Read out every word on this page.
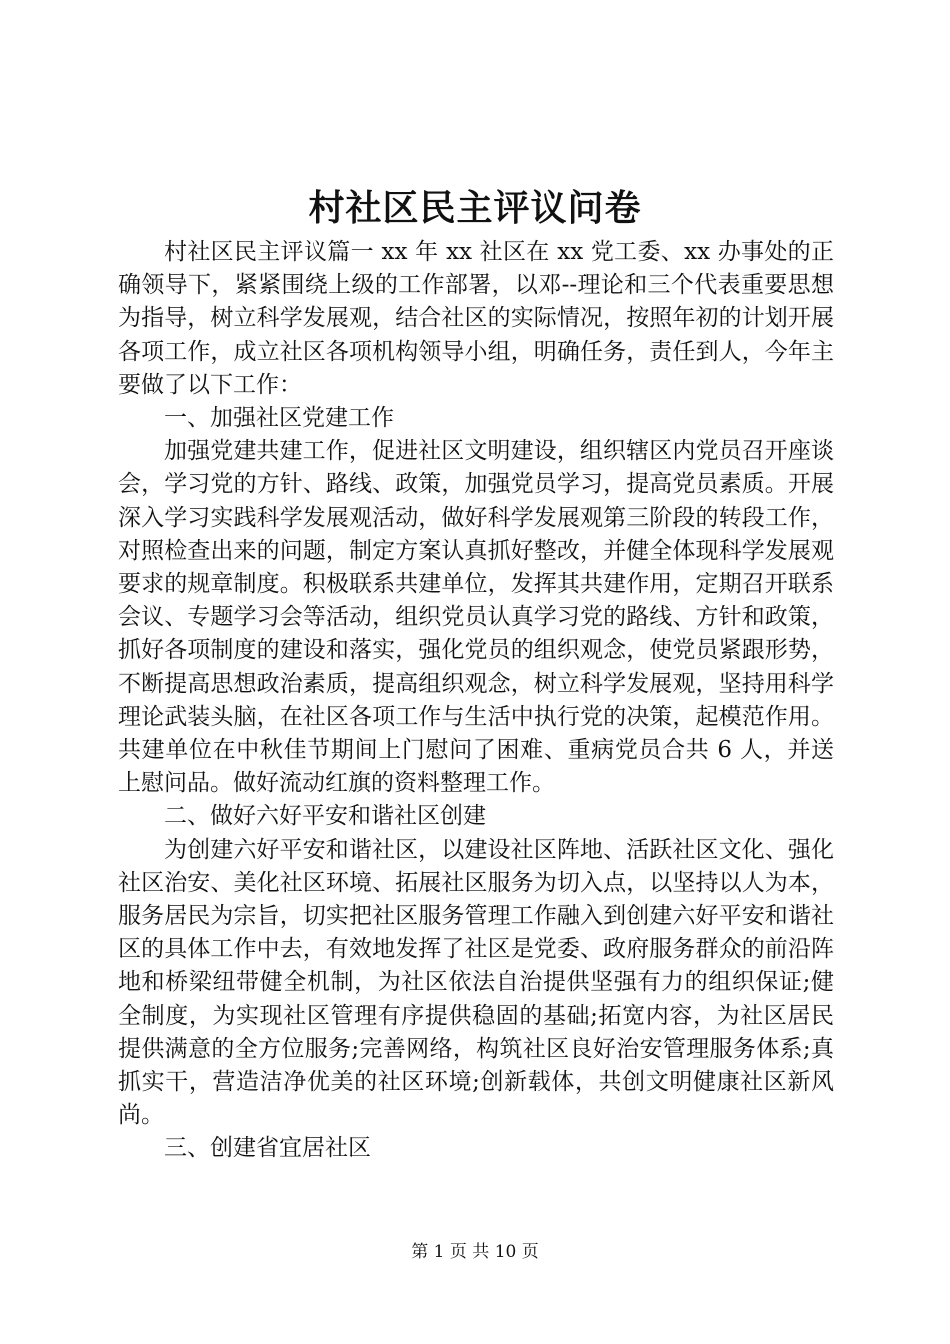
村社区民主评议问卷

村社区民主评议篇一 xx 年 xx 社区在 xx 党工委、xx 办事处的正确领导下，紧紧围绕上级的工作部署，以邓--理论和三个代表重要思想为指导，树立科学发展观，结合社区的实际情况，按照年初的计划开展各项工作，成立社区各项机构领导小组，明确任务，责任到人，今年主要做了以下工作：

一、加强社区党建工作

加强党建共建工作，促进社区文明建设，组织辖区内党员召开座谈会，学习党的方针、路线、政策，加强党员学习，提高党员素质。开展深入学习实践科学发展观活动，做好科学发展观第三阶段的转段工作，对照检查出来的问题，制定方案认真抓好整改，并健全体现科学发展观要求的规章制度。积极联系共建单位，发挥其共建作用，定期召开联系会议、专题学习会等活动，组织党员认真学习党的路线、方针和政策，抓好各项制度的建设和落实，强化党员的组织观念，使党员紧跟形势，不断提高思想政治素质，提高组织观念，树立科学发展观，坚持用科学理论武装头脑，在社区各项工作与生活中执行党的决策，起模范作用。共建单位在中秋佳节期间上门慰问了困难、重病党员合共 6 人，并送上慰问品。做好流动红旗的资料整理工作。

二、做好六好平安和谐社区创建

为创建六好平安和谐社区，以建设社区阵地、活跃社区文化、强化社区治安、美化社区环境、拓展社区服务为切入点，以坚持以人为本，服务居民为宗旨，切实把社区服务管理工作融入到创建六好平安和谐社区的具体工作中去，有效地发挥了社区是党委、政府服务群众的前沿阵地和桥梁纽带健全机制，为社区依法自治提供坚强有力的组织保证;健全制度，为实现社区管理有序提供稳固的基础;拓宽内容，为社区居民提供满意的全方位服务;完善网络，构筑社区良好治安管理服务体系;真抓实干，营造洁净优美的社区环境;创新载体，共创文明健康社区新风尚。

三、创建省宜居社区

第 1 页 共 10 页
